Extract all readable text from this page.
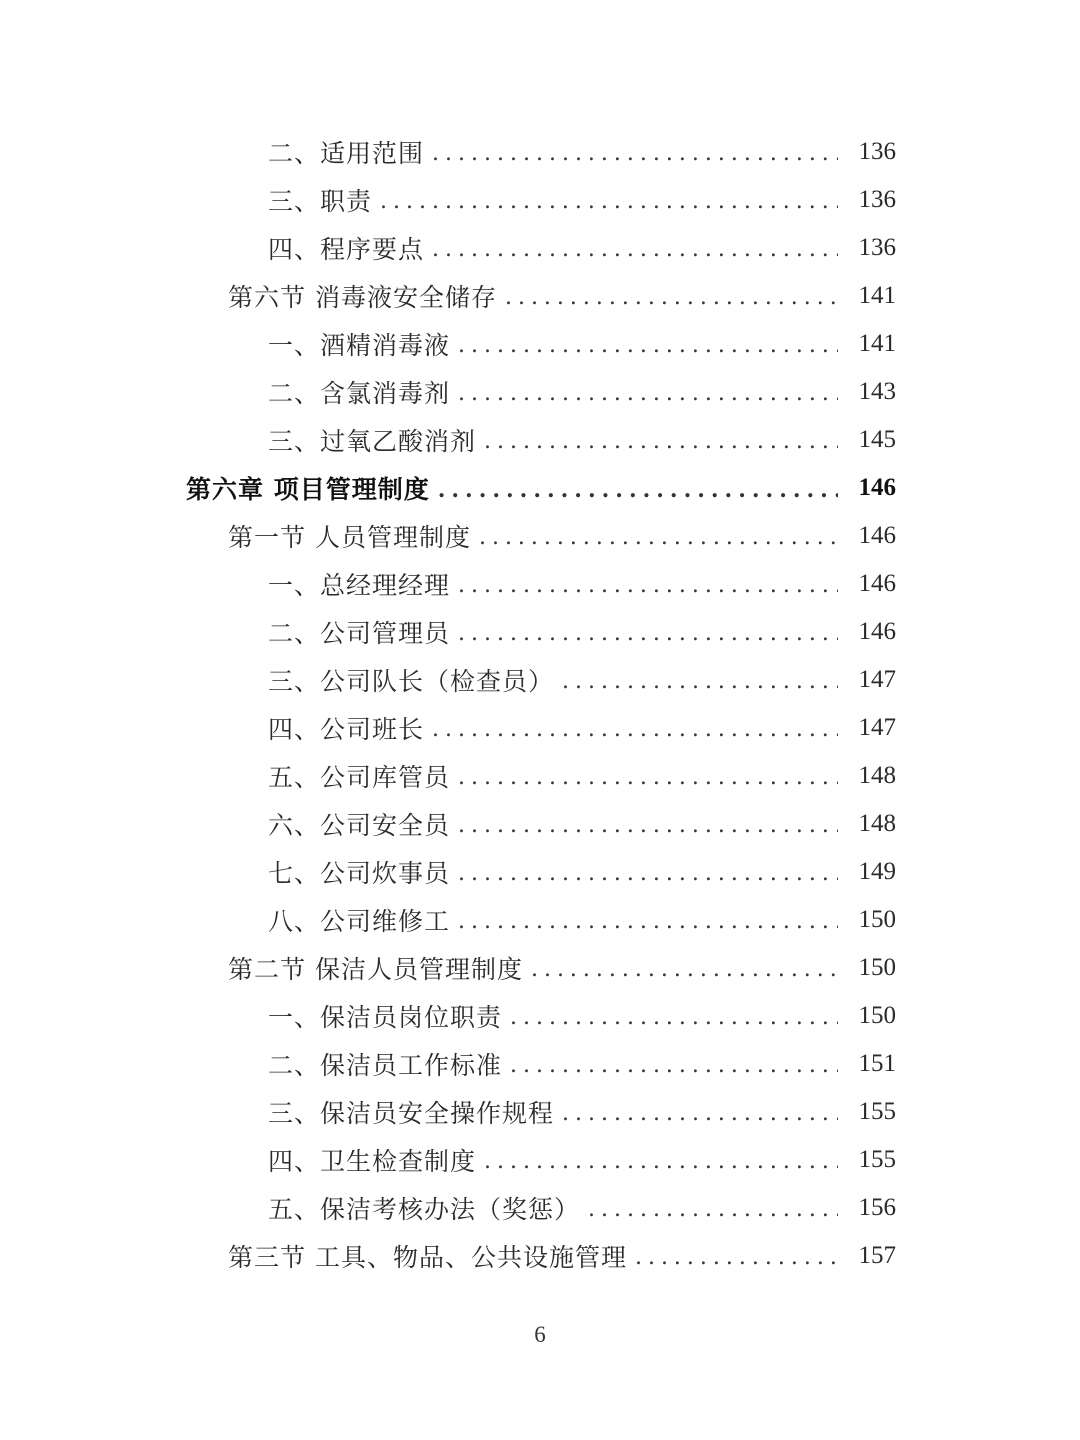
二、适用范围 .....	136
三、职责 .....	136
四、程序要点 .....	136
第六节 消毒液安全储存 .....	141
一、酒精消毒液 .....	141
二、含氯消毒剂 .....	143
三、过氧乙酸消剂 .....	145
第六章 项目管理制度 .....	146
第一节 人员管理制度 .....	146
一、总经理经理 .....	146
二、公司管理员 .....	146
三、公司队长（检查员） .....	147
四、公司班长 .....	147
五、公司库管员 .....	148
六、公司安全员 .....	148
七、公司炊事员 .....	149
八、公司维修工 .....	150
第二节 保洁人员管理制度 .....	150
一、保洁员岗位职责 .....	150
二、保洁员工作标准 .....	151
三、保洁员安全操作规程 .....	155
四、卫生检查制度 .....	155
五、保洁考核办法（奖惩） .....	156
第三节 工具、物品、公共设施管理 .....	157
6
